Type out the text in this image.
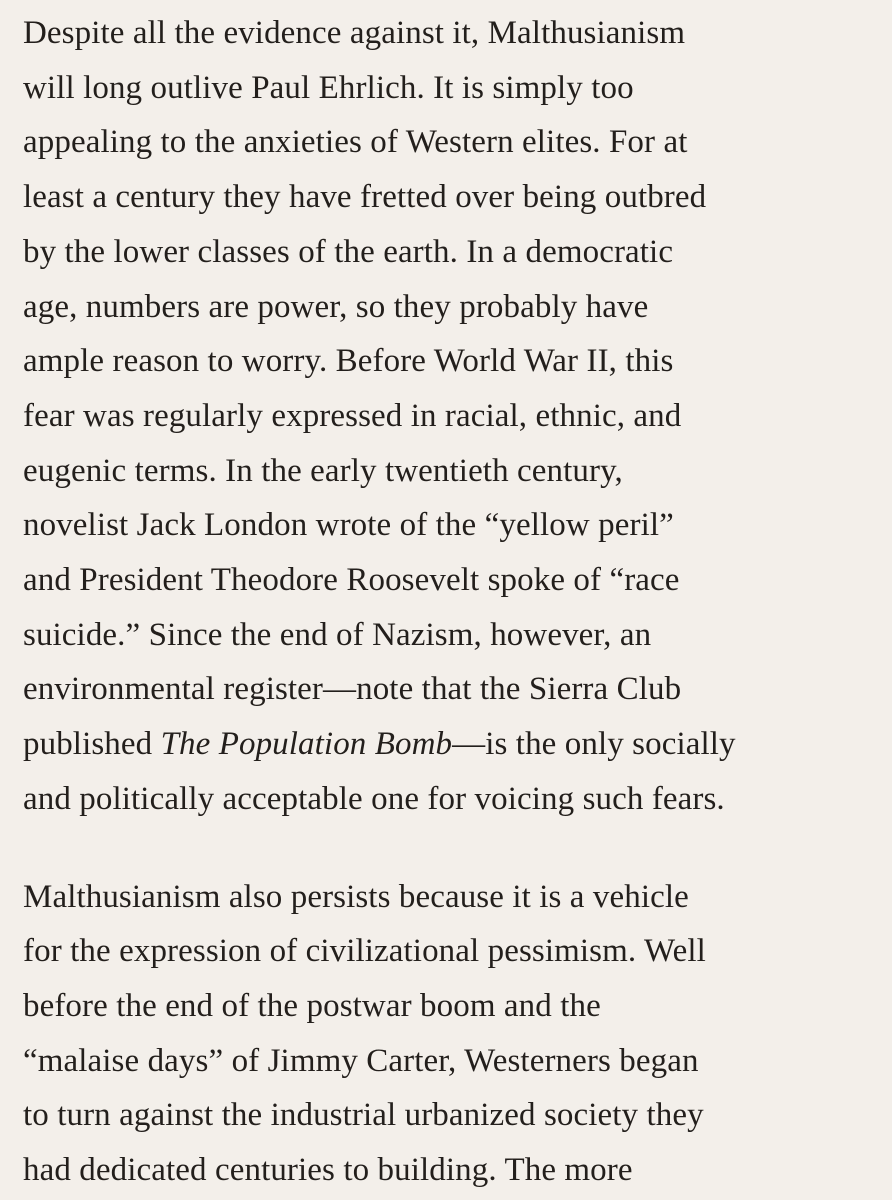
Despite all the evidence against it, Malthusianism
will long outlive Paul Ehrlich. It is simply too
appealing to the anxieties of Western elites. For at
least a century they have fretted over being outbred
by the lower classes of the earth. In a democratic
age, numbers are power, so they probably have
ample reason to worry. Before World War II, this
fear was regularly expressed in racial, ethnic, and
eugenic terms. In the early twentieth century,
novelist Jack London wrote of the “yellow peril”
and President Theodore Roosevelt spoke of “race
suicide.” Since the end of Nazism, however, an
environmental register—note that the Sierra Club
published The Population Bomb—is the only socially
and politically acceptable one for voicing such fears.

Malthusianism also persists because it is a vehicle
for the expression of civilizational pessimism. Well
before the end of the postwar boom and the
“malaise days” of Jimmy Carter, Westerners began
to turn against the industrial urbanized society they
had dedicated centuries to building. The more
